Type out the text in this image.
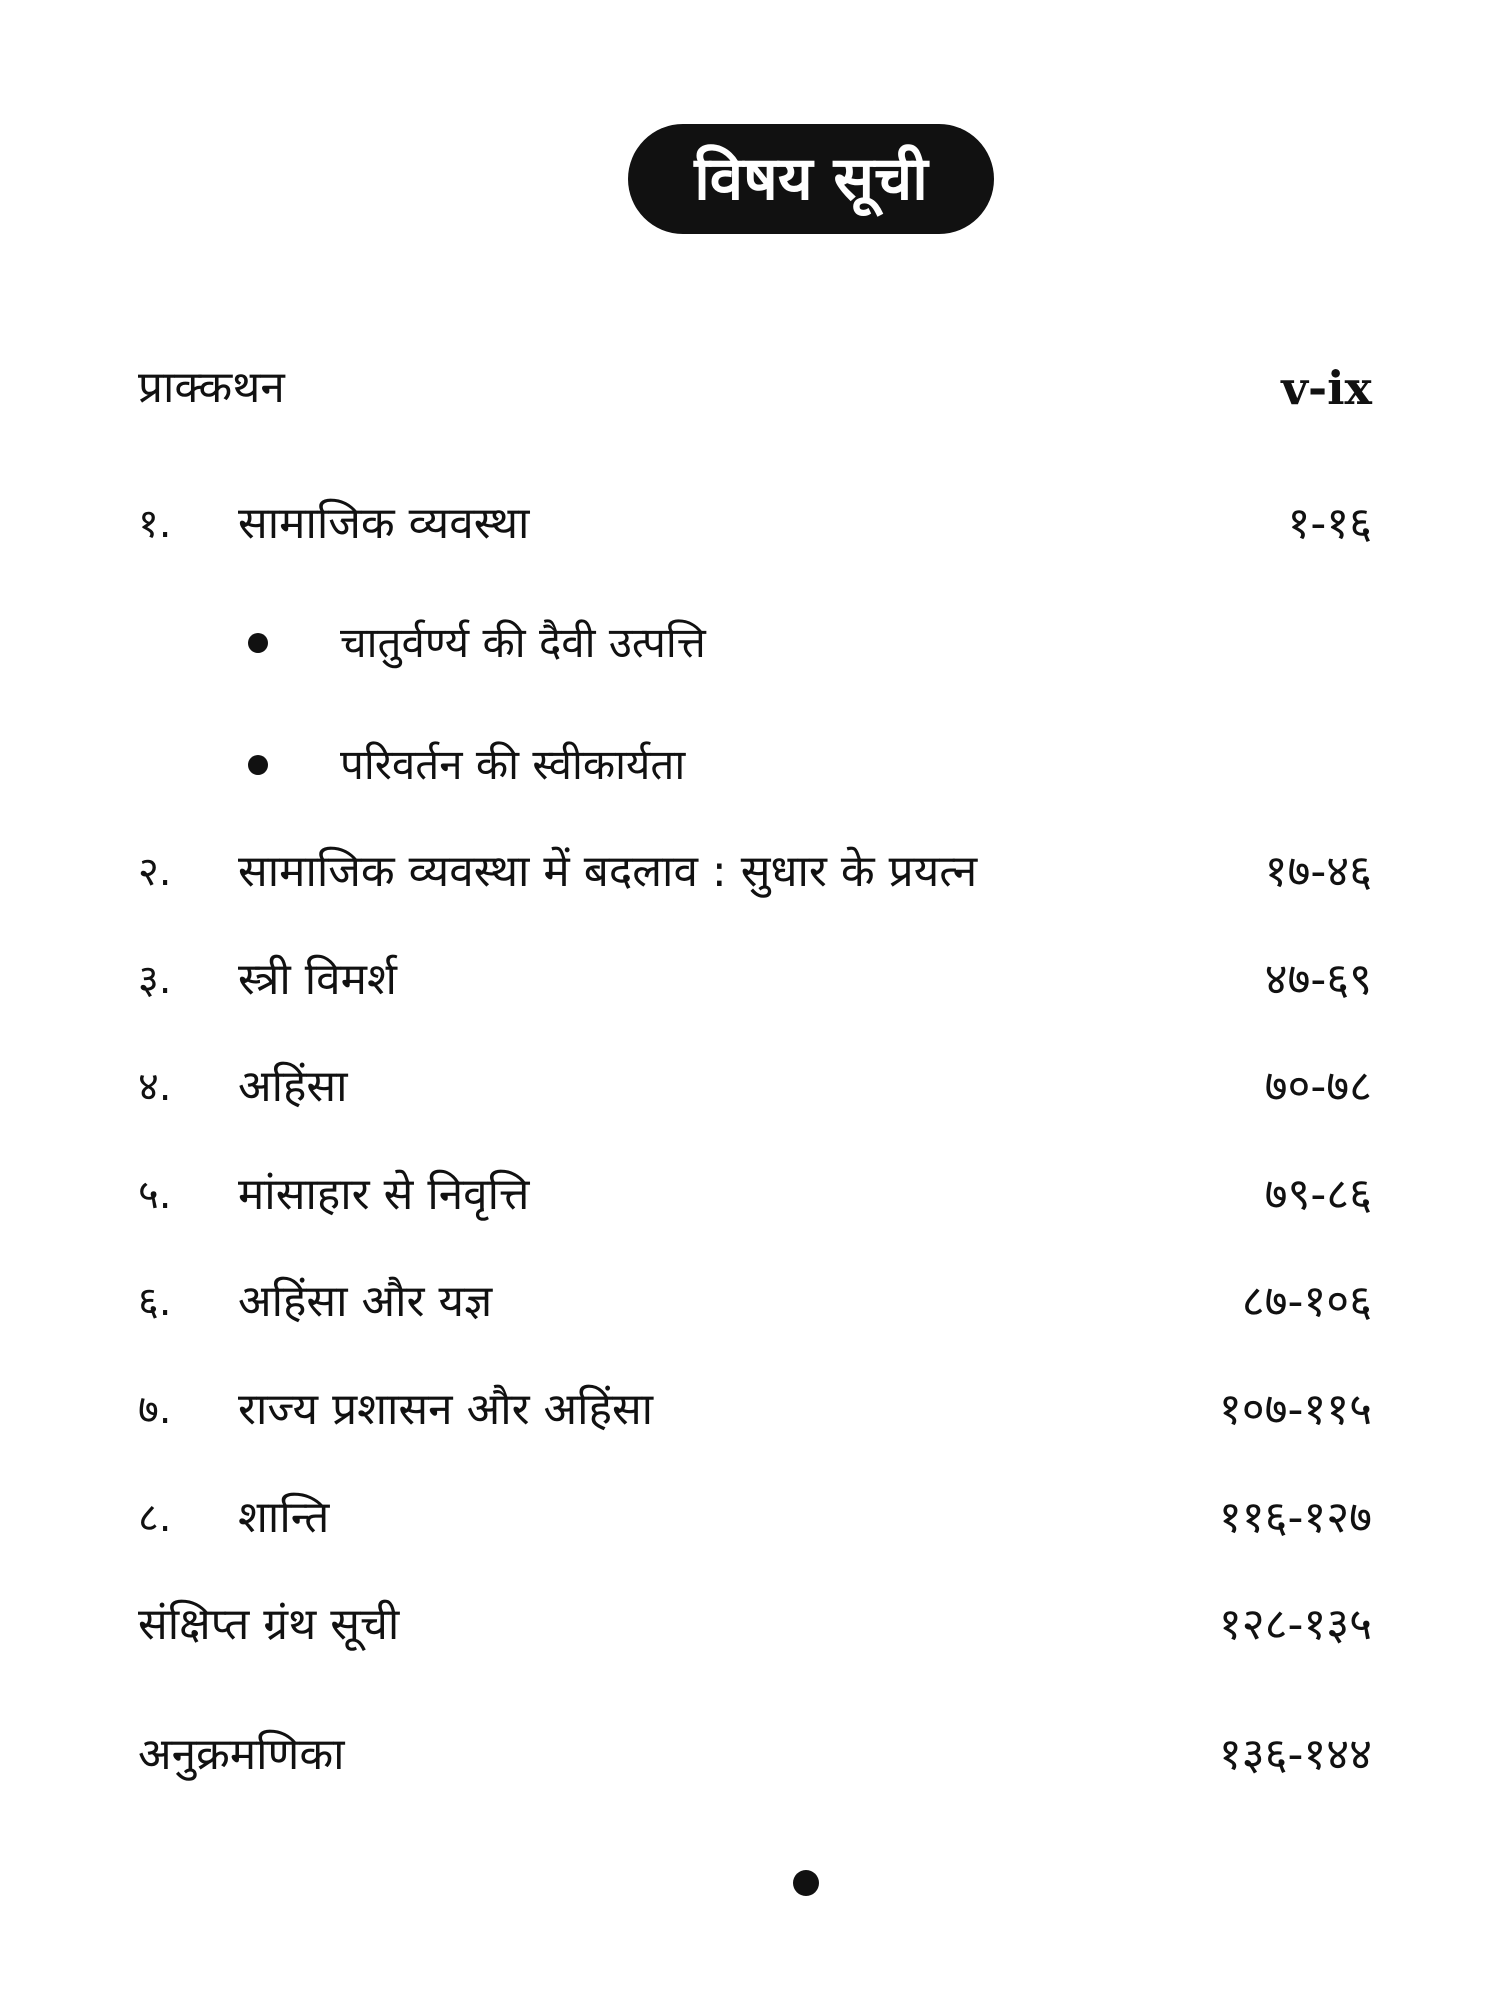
विषय सूची
प्राक्कथन	v-ix
१. सामाजिक व्यवस्था	१-१६
चातुर्वर्ण्य की दैवी उत्पत्ति
परिवर्तन की स्वीकार्यता
२. सामाजिक व्यवस्था में बदलाव : सुधार के प्रयत्न	१७-४६
३. स्त्री विमर्श	४७-६९
४. अहिंसा	७०-७८
५. मांसाहार से निवृत्ति	७९-८६
६. अहिंसा और यज्ञ	८७-१०६
७. राज्य प्रशासन और अहिंसा	१०७-११५
८. शान्ति	११६-१२७
संक्षिप्त ग्रंथ सूची	१२८-१३५
अनुक्रमणिका	१३६-१४४
